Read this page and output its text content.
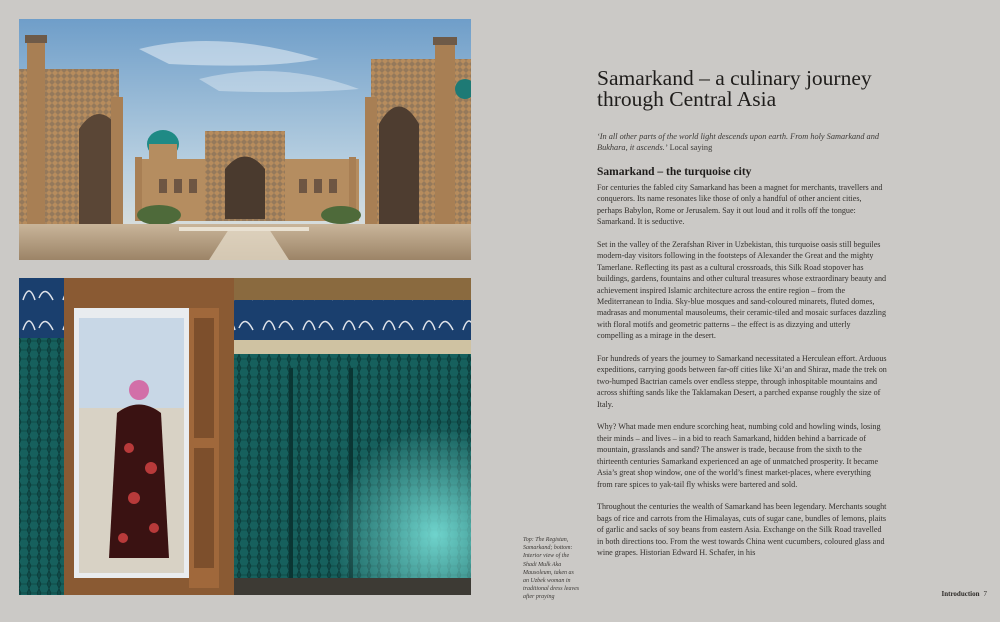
Top: The Registan, Samarkand; bottom: Interior view of the Shadi Mulk Aka Mausoleum, taken as an Uzbek woman in traditional dress leaves after praying
Samarkand – a culinary journey through Central Asia
‘In all other parts of the world light descends upon earth. From holy Samarkand and Bukhara, it ascends.’ Local saying
Samarkand – the turquoise city

For centuries the fabled city Samarkand has been a magnet for merchants, travellers and conquerors. Its name resonates like those of only a handful of other ancient cities, perhaps Babylon, Rome or Jerusalem. Say it out loud and it rolls off the tongue: Samarkand. It is seductive.

Set in the valley of the Zerafshan River in Uzbekistan, this turquoise oasis still beguiles modern-day visitors following in the footsteps of Alexander the Great and the mighty Tamerlane. Reflecting its past as a cultural crossroads, this Silk Road stopover has buildings, gardens, fountains and other cultural treasures whose extraordinary beauty and achievement inspired Islamic architecture across the entire region – from the Mediterranean to India. Sky-blue mosques and sand-coloured minarets, fluted domes, madrasas and monumental mausoleums, their ceramic-tiled and mosaic surfaces dazzling with floral motifs and geometric patterns – the effect is as dizzying and utterly compelling as a mirage in the desert.

For hundreds of years the journey to Samarkand necessitated a Herculean effort. Arduous expeditions, carrying goods between far-off cities like Xi’an and Shiraz, made the trek on two-humped Bactrian camels over endless steppe, through inhospitable mountains and across shifting sands like the Taklamakan Desert, a parched expanse roughly the size of Italy.

Why? What made men endure scorching heat, numbing cold and howling winds, losing their minds – and lives – in a bid to reach Samarkand, hidden behind a barricade of mountain, grasslands and sand? The answer is trade, because from the sixth to the thirteenth centuries Samarkand experienced an age of unmatched prosperity. It became Asia’s great shop window, one of the world’s finest market-places, where everything from rare spices to yak-tail fly whisks were bartered and sold.

Throughout the centuries the wealth of Samarkand has been legendary. Merchants sought bags of rice and carrots from the Himalayas, cuts of sugar cane, bundles of lemons, plaits of garlic and sacks of soy beans from eastern Asia. Exchange on the Silk Road travelled in both directions too. From the west towards China went cucumbers, coloured glass and wine grapes. Historian Edward H. Schafer, in his

Introduction 7
